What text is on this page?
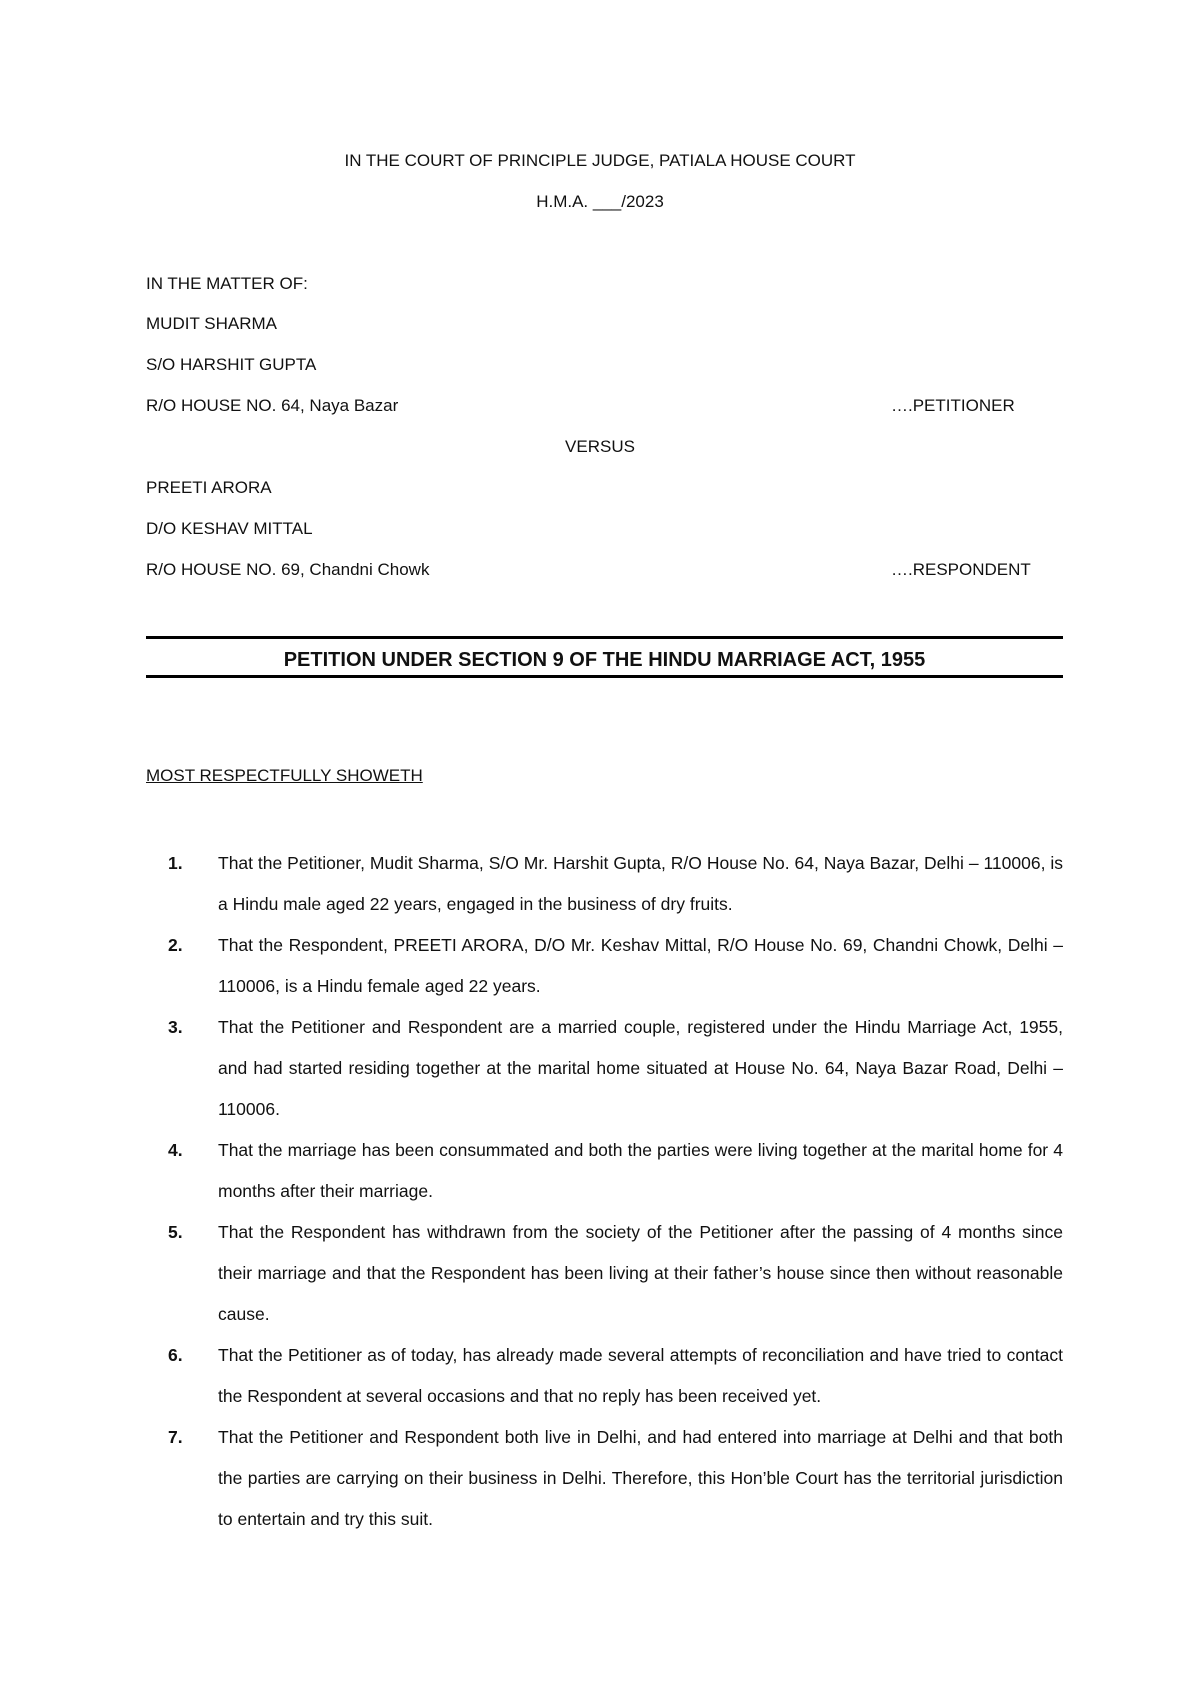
IN THE COURT OF PRINCIPLE JUDGE, PATIALA HOUSE COURT
H.M.A. ___/2023
IN THE MATTER OF:
MUDIT SHARMA
S/O HARSHIT GUPTA
R/O HOUSE NO. 64, Naya Bazar	….PETITIONER
VERSUS
PREETI ARORA
D/O KESHAV MITTAL
R/O HOUSE NO. 69, Chandni Chowk	….RESPONDENT
PETITION UNDER SECTION 9 OF THE HINDU MARRIAGE ACT, 1955
MOST RESPECTFULLY SHOWETH
1. That the Petitioner, Mudit Sharma, S/O Mr. Harshit Gupta, R/O House No. 64, Naya Bazar, Delhi – 110006, is a Hindu male aged 22 years, engaged in the business of dry fruits.
2. That the Respondent, PREETI ARORA, D/O Mr. Keshav Mittal, R/O House No. 69, Chandni Chowk, Delhi – 110006, is a Hindu female aged 22 years.
3. That the Petitioner and Respondent are a married couple, registered under the Hindu Marriage Act, 1955, and had started residing together at the marital home situated at House No. 64, Naya Bazar Road, Delhi – 110006.
4. That the marriage has been consummated and both the parties were living together at the marital home for 4 months after their marriage.
5. That the Respondent has withdrawn from the society of the Petitioner after the passing of 4 months since their marriage and that the Respondent has been living at their father’s house since then without reasonable cause.
6. That the Petitioner as of today, has already made several attempts of reconciliation and have tried to contact the Respondent at several occasions and that no reply has been received yet.
7. That the Petitioner and Respondent both live in Delhi, and had entered into marriage at Delhi and that both the parties are carrying on their business in Delhi. Therefore, this Hon’ble Court has the territorial jurisdiction to entertain and try this suit.
